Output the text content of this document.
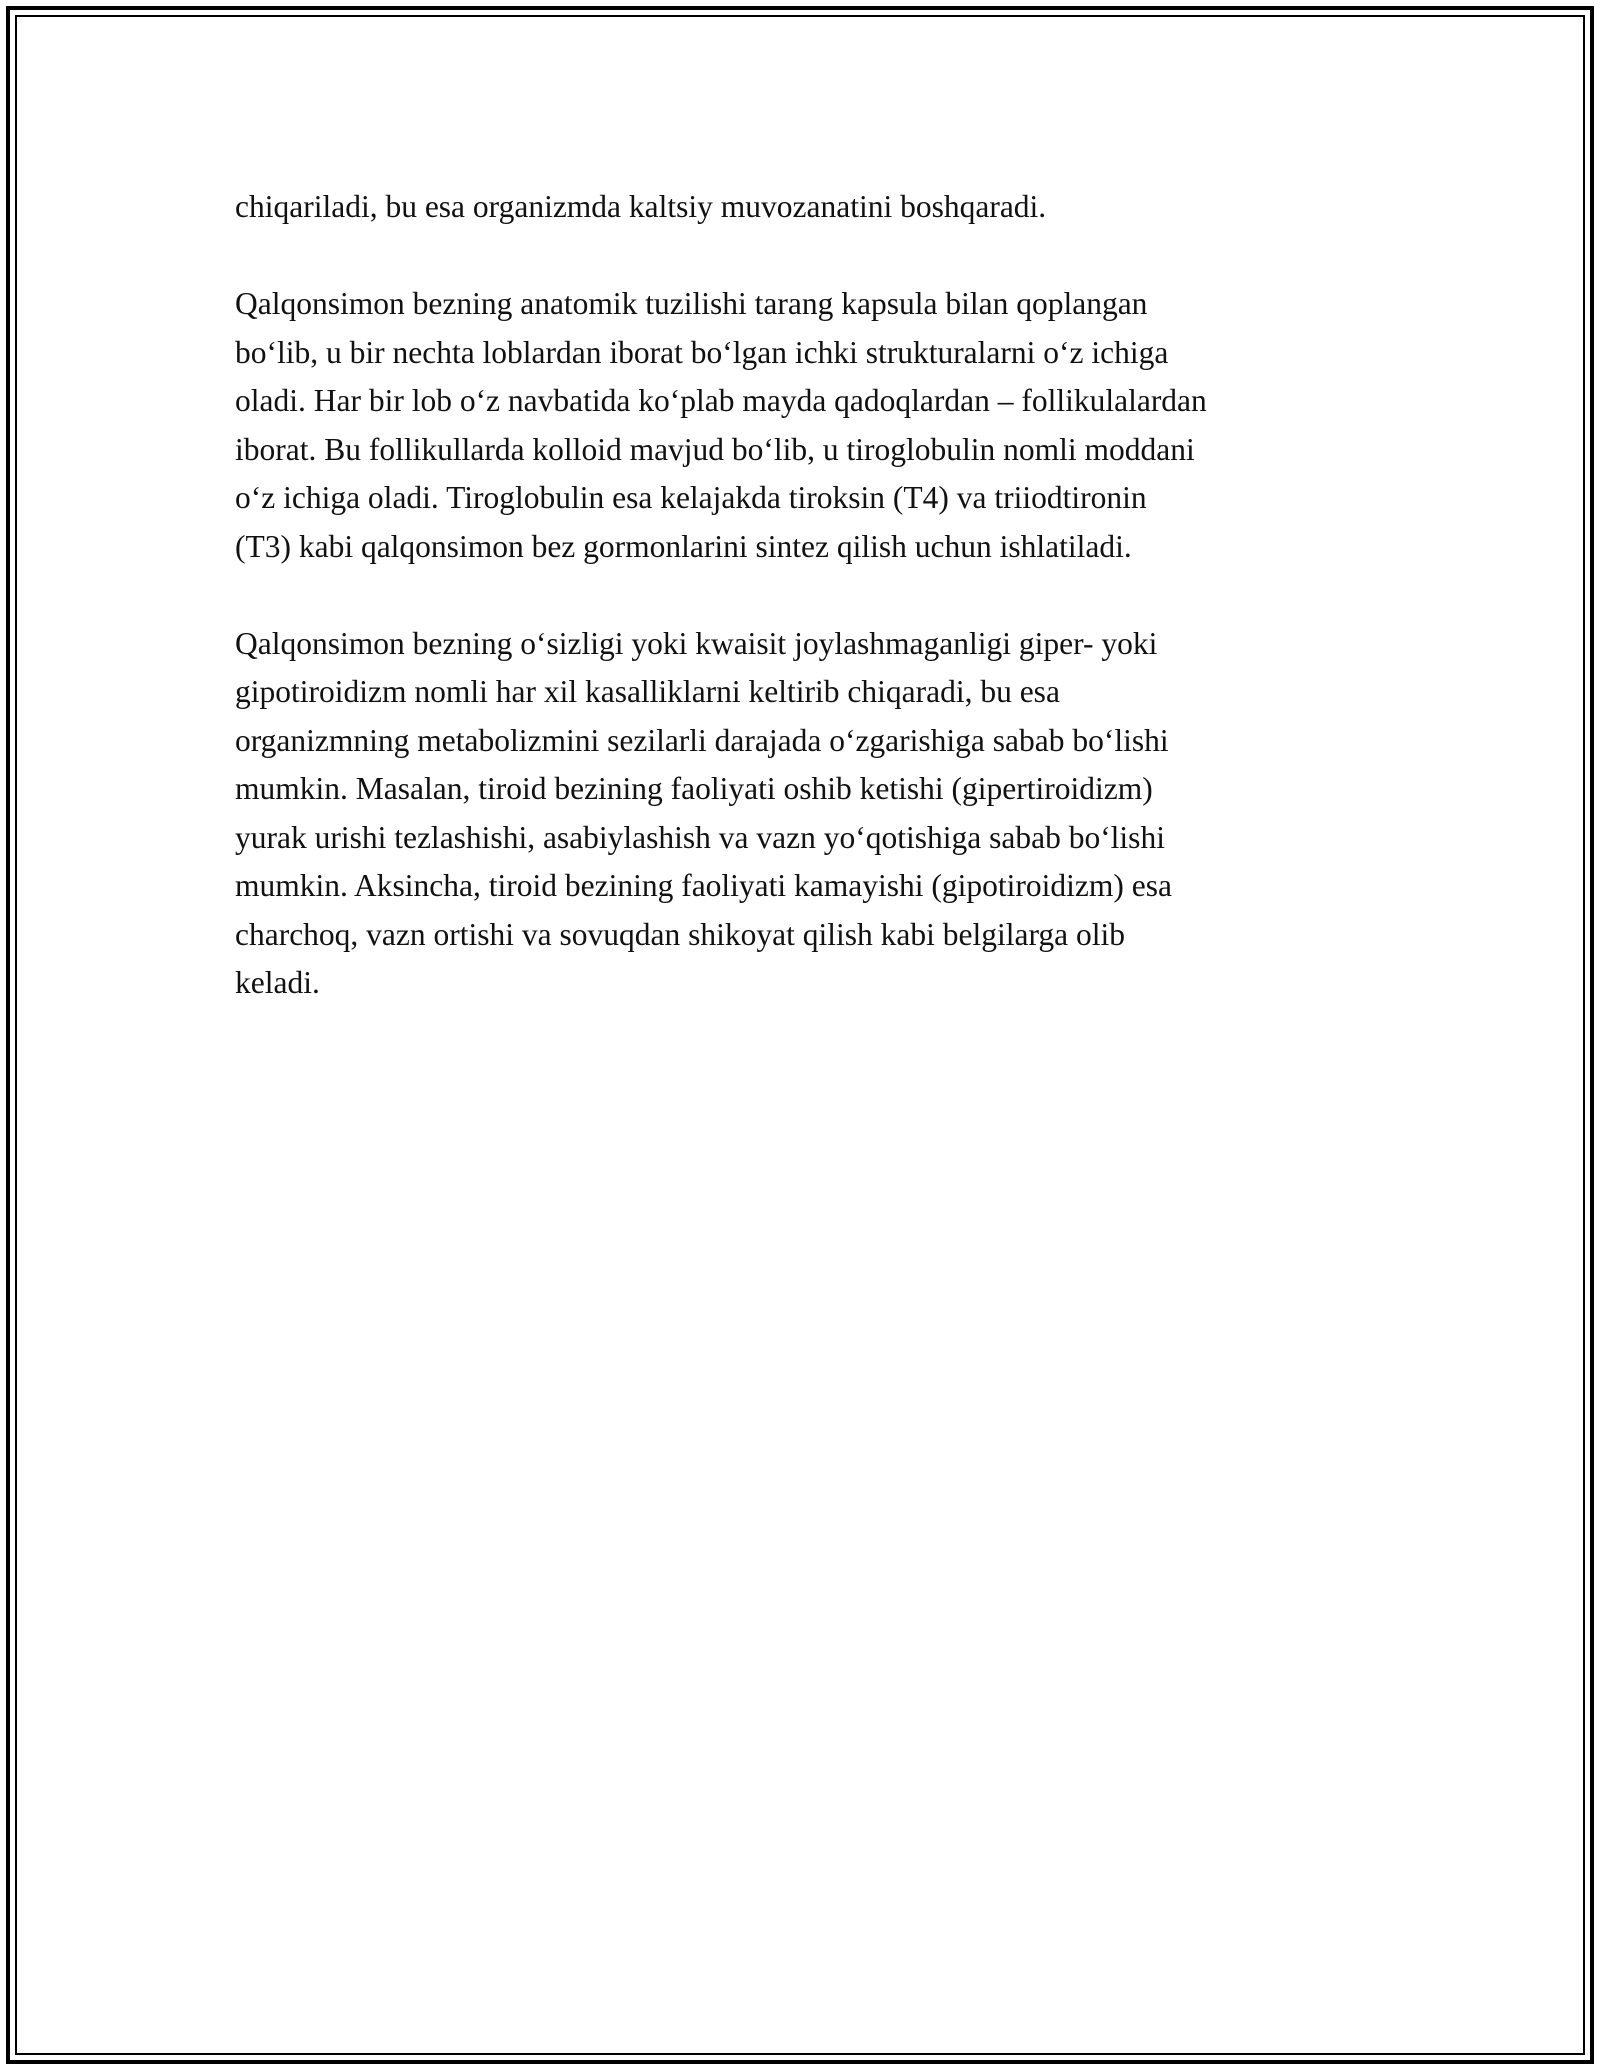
chiqariladi, bu esa organizmda kaltsiy muvozanatini boshqaradi.

Qalqonsimon bezning anatomik tuzilishi tarang kapsula bilan qoplangan
bo‘lib, u bir nechta loblardan iborat bo‘lgan ichki strukturalarni o‘z ichiga
oladi. Har bir lob o‘z navbatida ko‘plab mayda qadoqlardan – follikulalardan
iborat. Bu follikullarda kolloid mavjud bo‘lib, u tiroglobulin nomli moddani
o‘z ichiga oladi. Tiroglobulin esa kelajakda tiroksin (T4) va triiodtironin
(T3) kabi qalqonsimon bez gormonlarini sintez qilish uchun ishlatiladi.

Qalqonsimon bezning o‘sizligi yoki kwaisit joylashmaganligi giper- yoki
gipotiroidizm nomli har xil kasalliklarni keltirib chiqaradi, bu esa
organizmning metabolizmini sezilarli darajada o‘zgarishiga sabab bo‘lishi
mumkin. Masalan, tiroid bezining faoliyati oshib ketishi (gipertiroidizm)
yurak urishi tezlashishi, asabiylashish va vazn yo‘qotishiga sabab bo‘lishi
mumkin. Aksincha, tiroid bezining faoliyati kamayishi (gipotiroidizm) esa
charchoq, vazn ortishi va sovuqdan shikoyat qilish kabi belgilarga olib
keladi.
